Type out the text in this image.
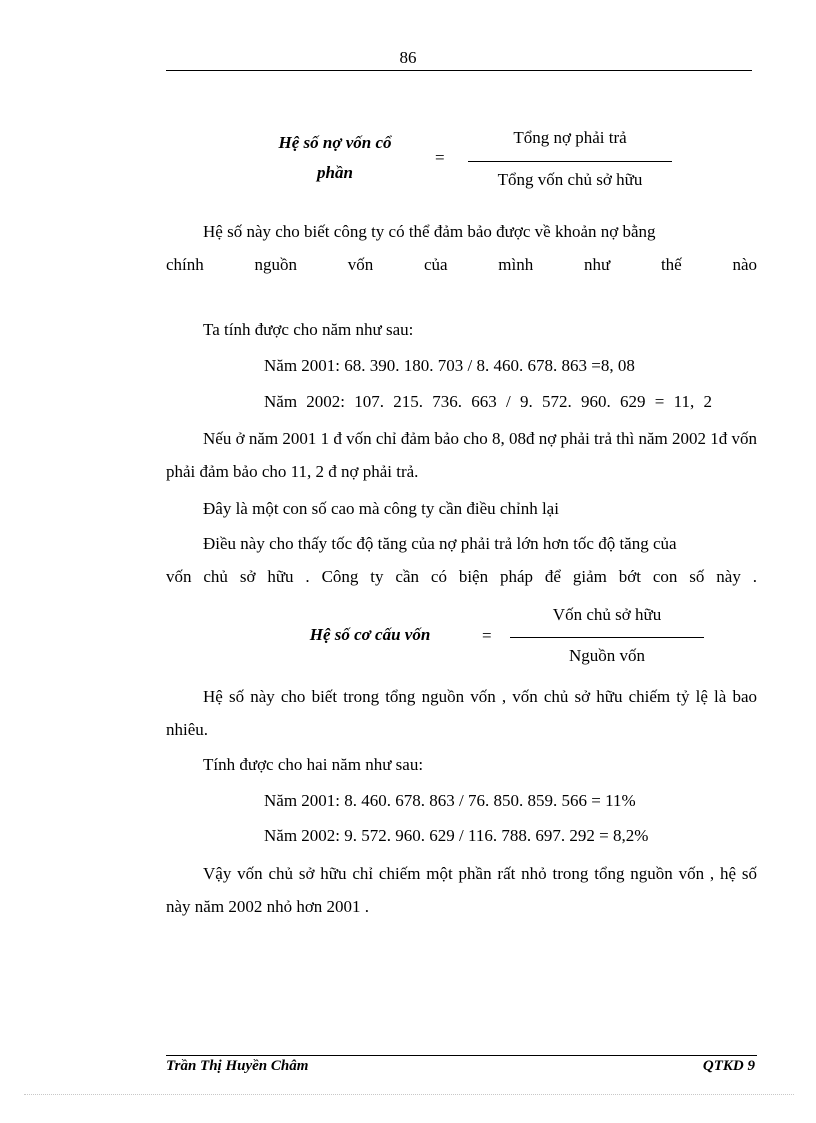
86
Hệ số nợ vốn cổ
phần
=
Tổng nợ phải trả
Tổng vốn chủ sở hữu
Hệ số này cho biết công ty có thể đảm bảo được về khoản nợ bằng
chính nguồn vốn của mình như thế nào
Ta tính được cho năm như sau:
Năm 2001: 68. 390. 180. 703 / 8. 460. 678. 863 =8, 08
Năm 2002: 107. 215. 736. 663 / 9. 572. 960. 629 = 11, 2
Nếu ở năm 2001 1 đ vốn chỉ đảm bảo cho 8, 08đ nợ phải trả thì năm 2002 1đ vốn phải đảm bảo cho 11, 2 đ nợ phải trả.
Đây là một con số cao mà công ty cần điều chỉnh lại
Điều này cho thấy tốc độ tăng của nợ phải trả lớn hơn tốc độ tăng của
vốn chủ sở hữu . Công ty cần có biện pháp để giảm bớt con số này .
Hệ số cơ cấu vốn	=
Vốn chủ sở hữu
Nguồn vốn
Hệ số này cho biết trong tổng nguồn vốn , vốn chủ sở hữu chiếm tỷ lệ là bao nhiêu.
Tính được cho hai năm như sau:
Năm 2001: 8. 460. 678. 863 / 76. 850. 859. 566 = 11%
Năm 2002: 9. 572. 960. 629 / 116. 788. 697. 292 = 8,2%
Vậy vốn chủ sở hữu chỉ chiếm một phần rất nhỏ trong tổng nguồn vốn , hệ số này năm 2002 nhỏ hơn 2001 .
Trần Thị Huyền Châm	QTKD 9
